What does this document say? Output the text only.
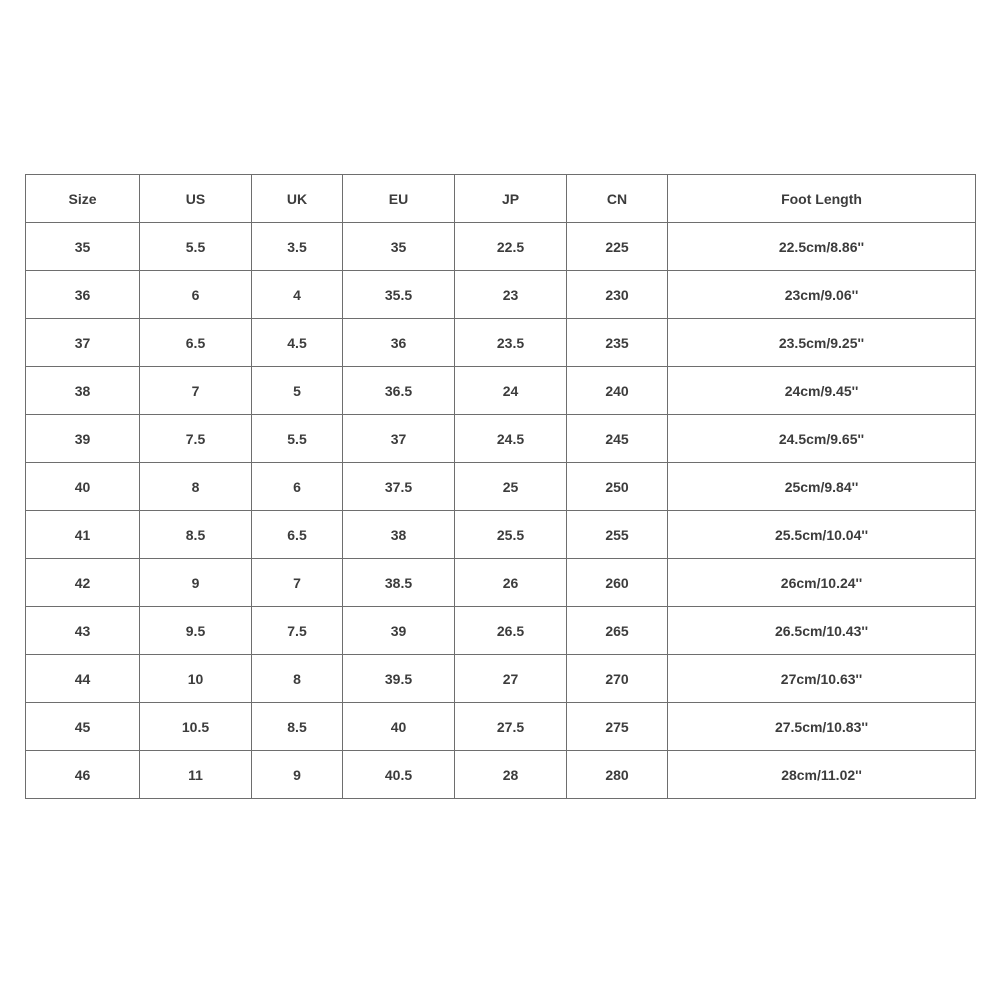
Size	US	UK	EU	JP	CN	Foot Length
35	5.5	3.5	35	22.5	225	22.5cm/8.86''
36	6	4	35.5	23	230	23cm/9.06''
37	6.5	4.5	36	23.5	235	23.5cm/9.25''
38	7	5	36.5	24	240	24cm/9.45''
39	7.5	5.5	37	24.5	245	24.5cm/9.65''
40	8	6	37.5	25	250	25cm/9.84''
41	8.5	6.5	38	25.5	255	25.5cm/10.04''
42	9	7	38.5	26	260	26cm/10.24''
43	9.5	7.5	39	26.5	265	26.5cm/10.43''
44	10	8	39.5	27	270	27cm/10.63''
45	10.5	8.5	40	27.5	275	27.5cm/10.83''
46	11	9	40.5	28	280	28cm/11.02''
